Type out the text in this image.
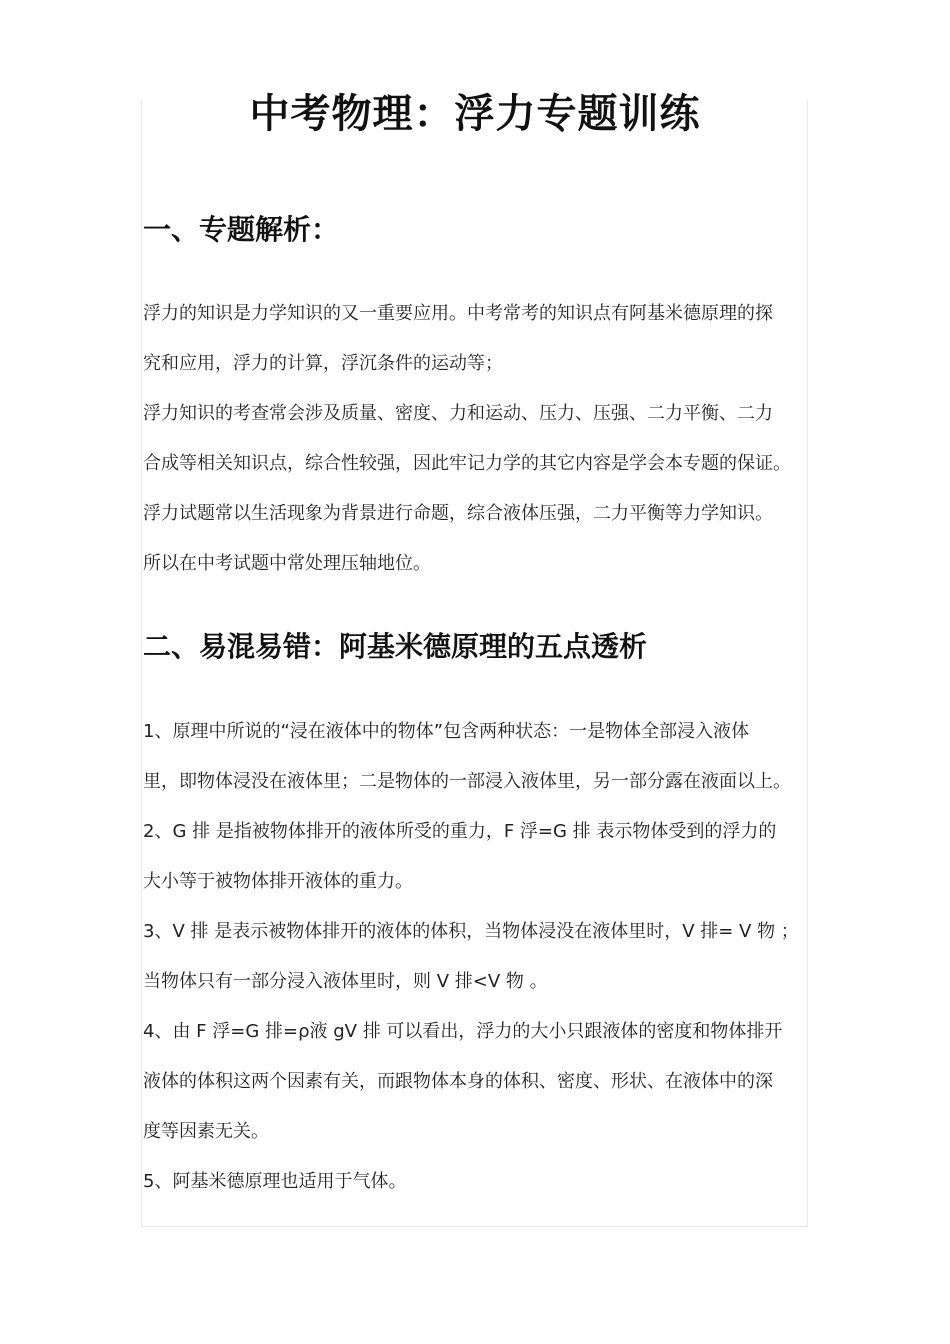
中考物理：浮力专题训练
一、专题解析：
浮力的知识是力学知识的又一重要应用。中考常考的知识点有阿基米德原理的探
究和应用，浮力的计算，浮沉条件的运动等；
浮力知识的考查常会涉及质量、密度、力和运动、压力、压强、二力平衡、二力
合成等相关知识点，综合性较强，因此牢记力学的其它内容是学会本专题的保证。
浮力试题常以生活现象为背景进行命题，综合液体压强，二力平衡等力学知识。
所以在中考试题中常处理压轴地位。
二、易混易错：阿基米德原理的五点透析
1、原理中所说的“浸在液体中的物体”包含两种状态：一是物体全部浸入液体
里，即物体浸没在液体里；二是物体的一部浸入液体里，另一部分露在液面以上。
2、G 排 是指被物体排开的液体所受的重力，F 浮=G 排 表示物体受到的浮力的
大小等于被物体排开液体的重力。
3、V 排 是表示被物体排开的液体的体积，当物体浸没在液体里时，V 排= V 物 ；
当物体只有一部分浸入液体里时，则 V 排<V 物 。
4、由 F 浮=G 排=ρ液 gV 排 可以看出，浮力的大小只跟液体的密度和物体排开
液体的体积这两个因素有关，而跟物体本身的体积、密度、形状、在液体中的深
度等因素无关。
5、阿基米德原理也适用于气体。
